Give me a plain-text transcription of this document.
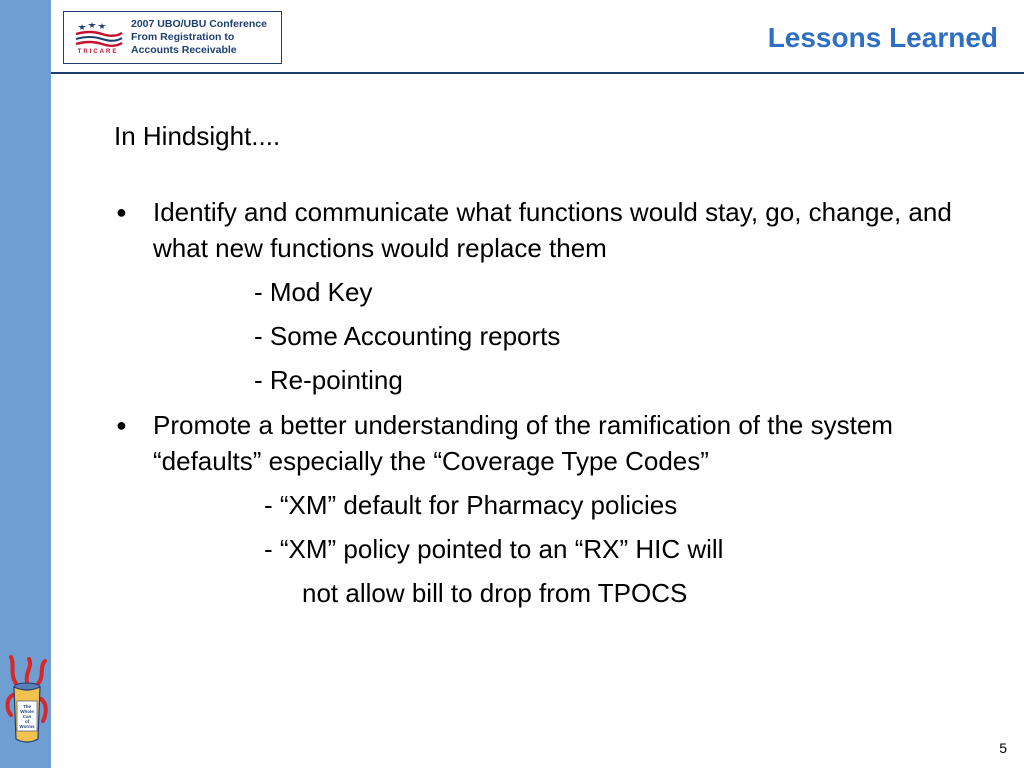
TRICARE
2007 UBO/UBU Conference
From Registration to
Accounts Receivable	Lessons Learned

In Hindsight....

● Identify and communicate what functions would stay, go, change, and what new functions would replace them

- Mod Key

- Some Accounting reports

- Re-pointing

● Promote a better understanding of the ramification of the system “defaults” especially the “Coverage Type Codes”

- “XM” default for Pharmacy policies

- “XM” policy pointed to an “RX” HIC will

not allow bill to drop from TPOCS

The
Whole
Can
of
Worms
5
